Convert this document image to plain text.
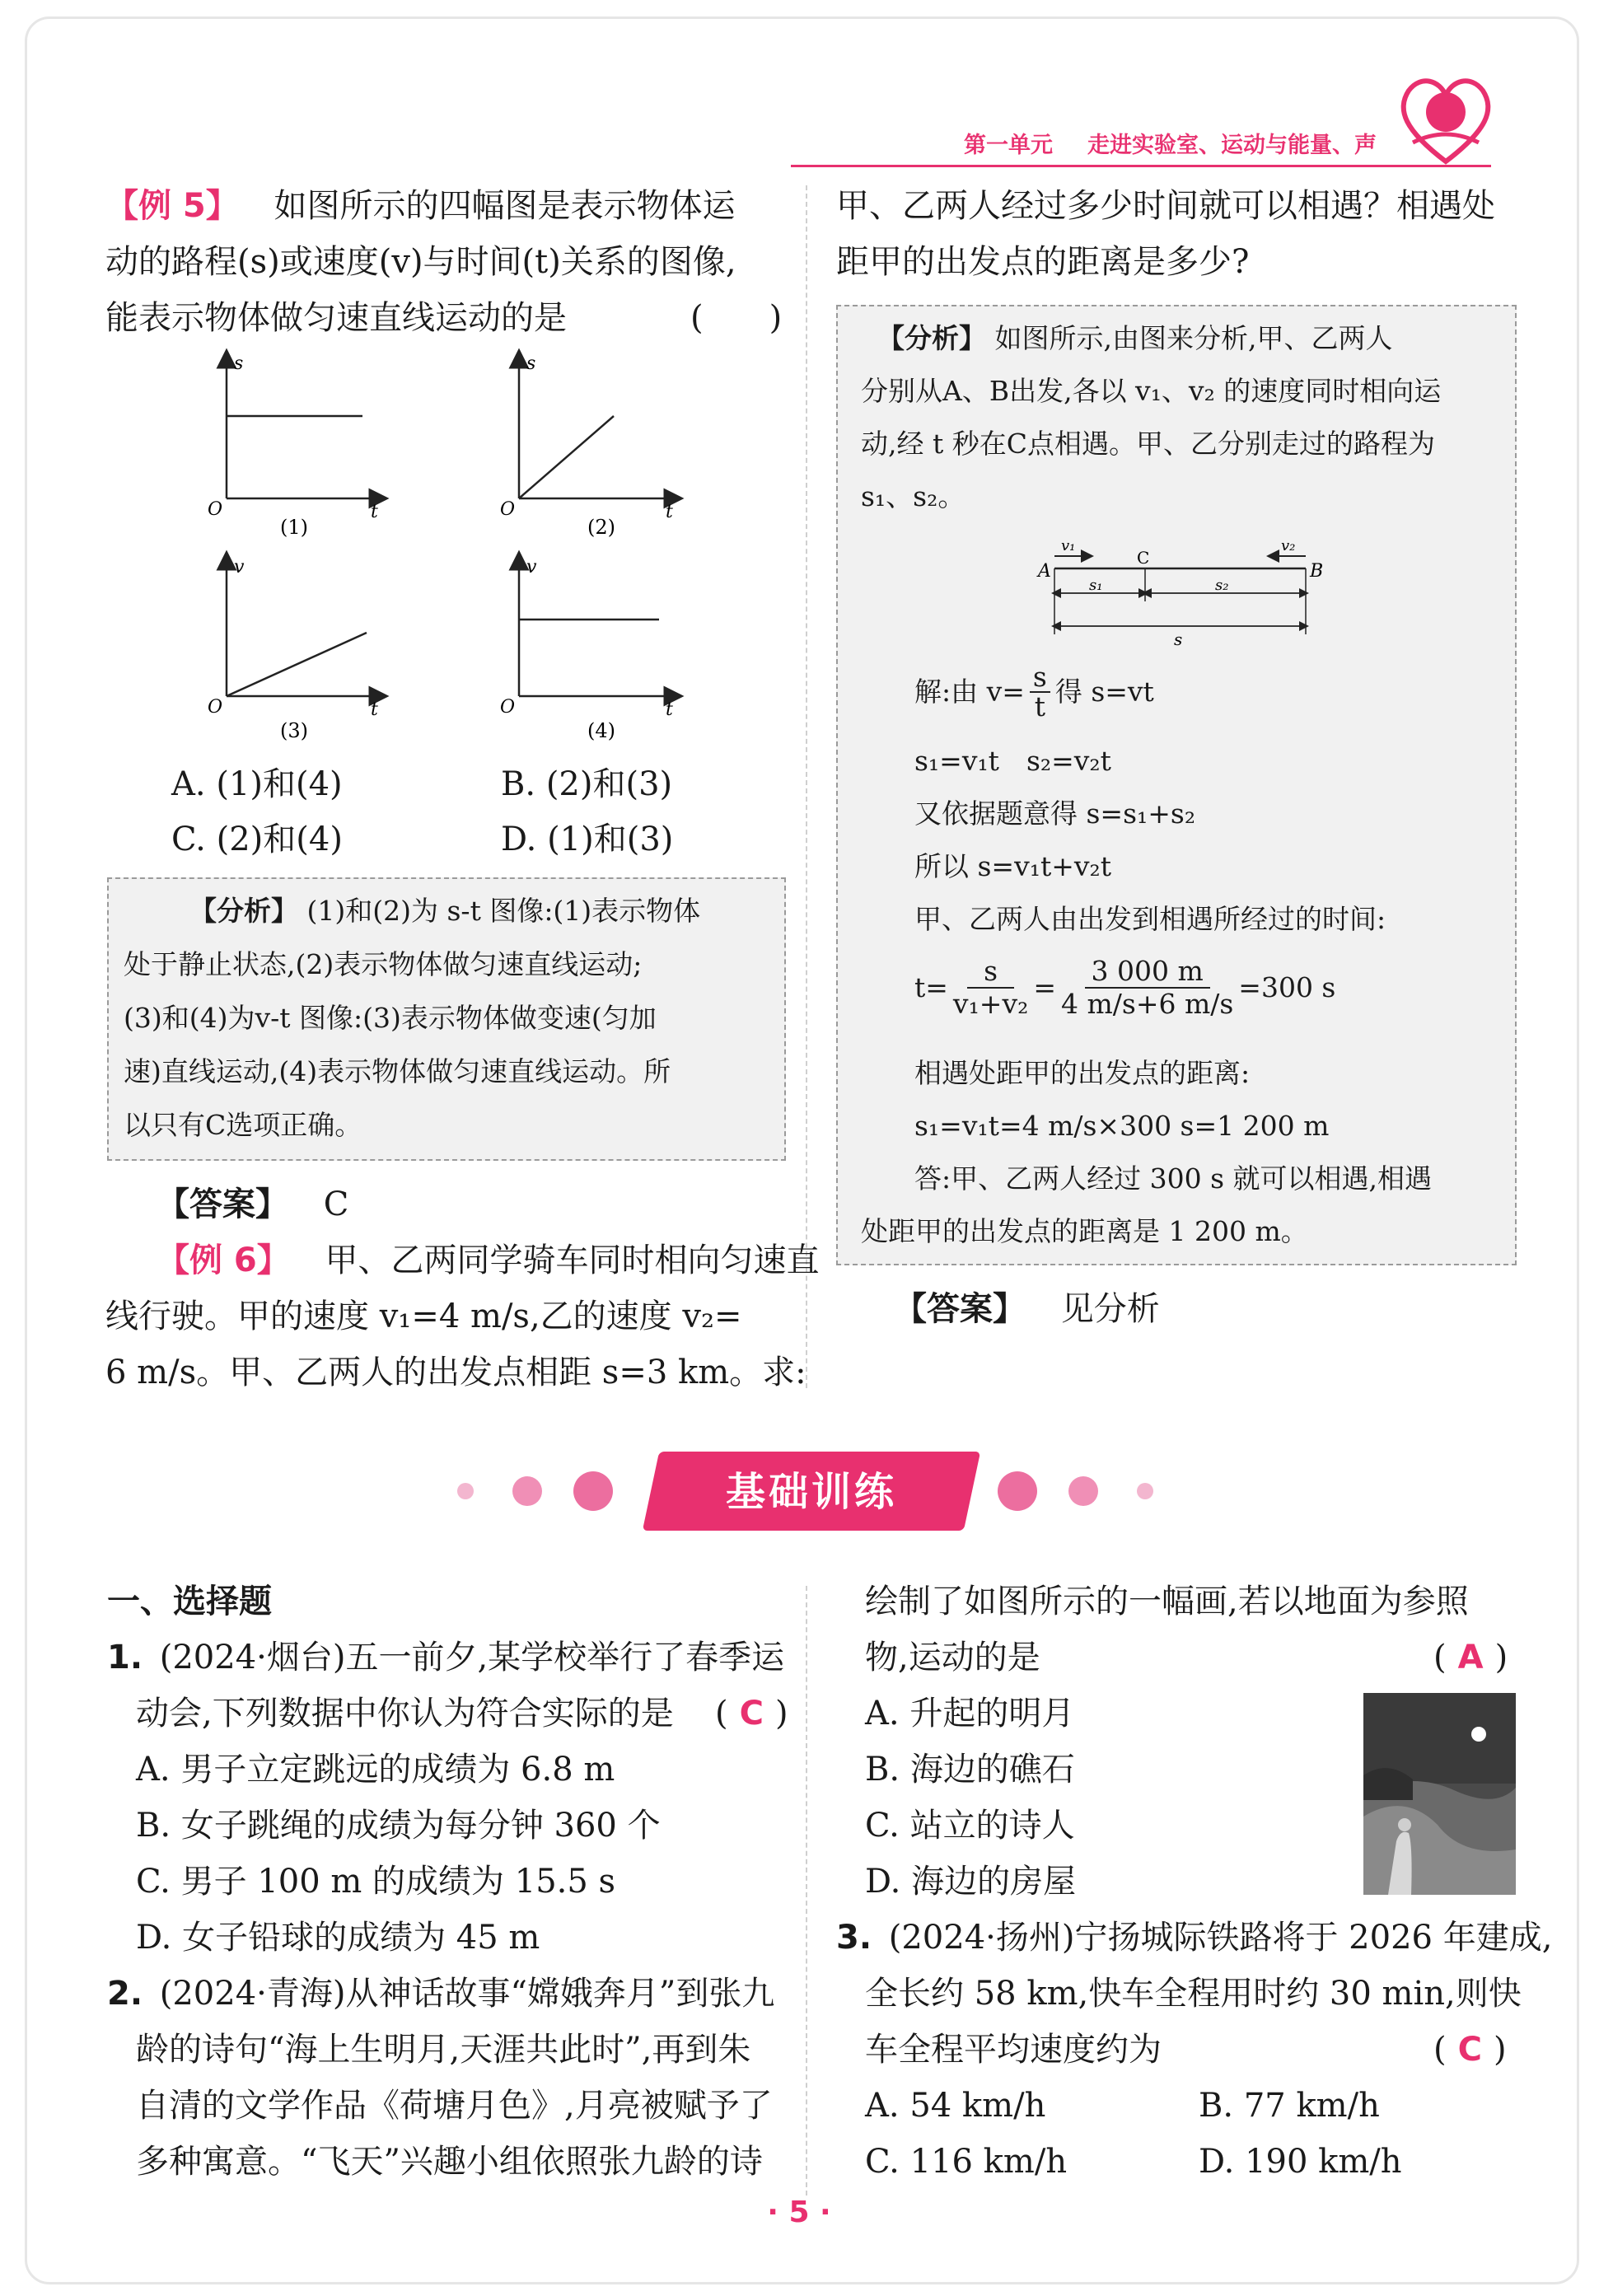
第一单元 走进实验室、运动与能量、声
【例 5】 如图所示的四幅图是表示物体运
动的路程(s)或速度(v)与时间(t)关系的图像,
能表示物体做匀速直线运动的是	(　　)
s
O	t
(1)
s
O	t
(2)
v
O	t
(3)
v
O	t
(4)
A. (1)和(4)	B. (2)和(3)
C. (2)和(4)	D. (1)和(3)
【分析】 (1)和(2)为 s-t 图像:(1)表示物体
处于静止状态,(2)表示物体做匀速直线运动;
(3)和(4)为v-t 图像:(3)表示物体做变速(匀加
速)直线运动,(4)表示物体做匀速直线运动。所
以只有C选项正确。
【答案】 C
【例 6】 甲、乙两同学骑车同时相向匀速直
线行驶。甲的速度 v₁=4 m/s,乙的速度 v₂=
6 m/s。甲、乙两人的出发点相距 s=3 km。求:
甲、乙两人经过多少时间就可以相遇？相遇处
距甲的出发点的距离是多少?
【分析】 如图所示,由图来分析,甲、乙两人
分别从A、B出发,各以 v₁、v₂ 的速度同时相向运
动,经 t 秒在C点相遇。甲、乙分别走过的路程为
s₁、s₂。
A	B
C
v₁	v₂
s₁	s₂
s
解:由 $v= \frac{s}{t}$ 得 s=vt
s₁=v₁t　s₂=v₂t
又依据题意得 s=s₁+s₂
所以 s=v₁t+v₂t
甲、乙两人由出发到相遇所经过的时间:
$t= \frac{s}{\text{v₁+v₂}} = \frac{3 000 m}{4 m/s+6 m/s} =300$ s
相遇处距甲的出发点的距离:
s₁=v₁t=4 m/s×300 s=1 200 m
答:甲、乙两人经过 300 s 就可以相遇,相遇
处距甲的出发点的距离是 1 200 m。
【答案】 见分析
基础训练
一、选择题
1. (2024·烟台)五一前夕,某学校举行了春季运
动会,下列数据中你认为符合实际的是 ( C )
A. 男子立定跳远的成绩为 6.8 m
B. 女子跳绳的成绩为每分钟 360 个
C. 男子 100 m 的成绩为 15.5 s
D. 女子铅球的成绩为 45 m
2. (2024·青海)从神话故事“嫦娥奔月”到张九
龄的诗句“海上生明月,天涯共此时”,再到朱
自清的文学作品《荷塘月色》,月亮被赋予了
多种寓意。“飞天”兴趣小组依照张九龄的诗
绘制了如图所示的一幅画,若以地面为参照
物,运动的是	( A )
A. 升起的明月
B. 海边的礁石
C. 站立的诗人
D. 海边的房屋
3. (2024·扬州)宁扬城际铁路将于 2026 年建成,
全长约 58 km,快车全程用时约 30 min,则快
车全程平均速度约为	( C )
A. 54 km/h	B. 77 km/h
C. 116 km/h	D. 190 km/h
· 5 ·
